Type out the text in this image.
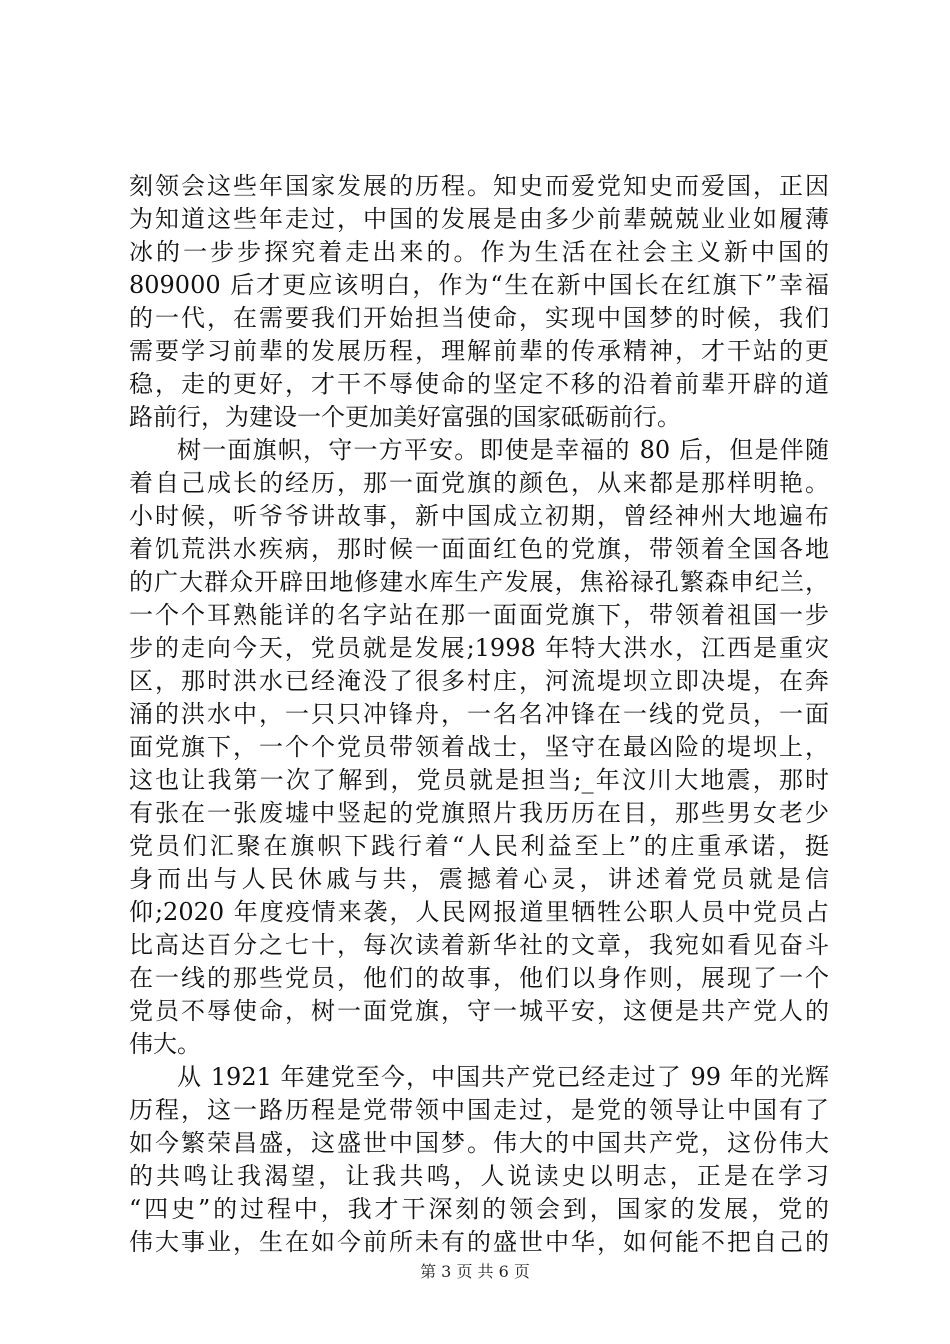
刻领会这些年国家发展的历程。知史而爱党知史而爱国，正因
为知道这些年走过，中国的发展是由多少前辈兢兢业业如履薄
冰的一步步探究着走出来的。作为生活在社会主义新中国的
809000 后才更应该明白，作为“生在新中国长在红旗下”幸福
的一代，在需要我们开始担当使命，实现中国梦的时候，我们
需要学习前辈的发展历程，理解前辈的传承精神，才干站的更
稳，走的更好，才干不辱使命的坚定不移的沿着前辈开辟的道
路前行，为建设一个更加美好富强的国家砥砺前行。
树一面旗帜，守一方平安。即使是幸福的 80 后，但是伴随
着自己成长的经历，那一面党旗的颜色，从来都是那样明艳。
小时候，听爷爷讲故事，新中国成立初期，曾经神州大地遍布
着饥荒洪水疾病，那时候一面面红色的党旗，带领着全国各地
的广大群众开辟田地修建水库生产发展，焦裕禄孔繁森申纪兰，
一个个耳熟能详的名字站在那一面面党旗下，带领着祖国一步
步的走向今天，党员就是发展;1998 年特大洪水，江西是重灾
区，那时洪水已经淹没了很多村庄，河流堤坝立即决堤，在奔
涌的洪水中，一只只冲锋舟，一名名冲锋在一线的党员，一面
面党旗下，一个个党员带领着战士，坚守在最凶险的堤坝上，
这也让我第一次了解到，党员就是担当;_年汶川大地震，那时
有张在一张废墟中竖起的党旗照片我历历在目，那些男女老少
党员们汇聚在旗帜下践行着“人民利益至上”的庄重承诺，挺
身而出与人民休戚与共，震撼着心灵，讲述着党员就是信
仰;2020 年度疫情来袭，人民网报道里牺牲公职人员中党员占
比高达百分之七十，每次读着新华社的文章，我宛如看见奋斗
在一线的那些党员，他们的故事，他们以身作则，展现了一个
党员不辱使命，树一面党旗，守一城平安，这便是共产党人的
伟大。
从 1921 年建党至今，中国共产党已经走过了 99 年的光辉
历程，这一路历程是党带领中国走过，是党的领导让中国有了
如今繁荣昌盛，这盛世中国梦。伟大的中国共产党，这份伟大
的共鸣让我渴望，让我共鸣，人说读史以明志，正是在学习
“四史”的过程中，我才干深刻的领会到，国家的发展，党的
伟大事业，生在如今前所未有的盛世中华，如何能不把自己的
第 3 页 共 6 页
